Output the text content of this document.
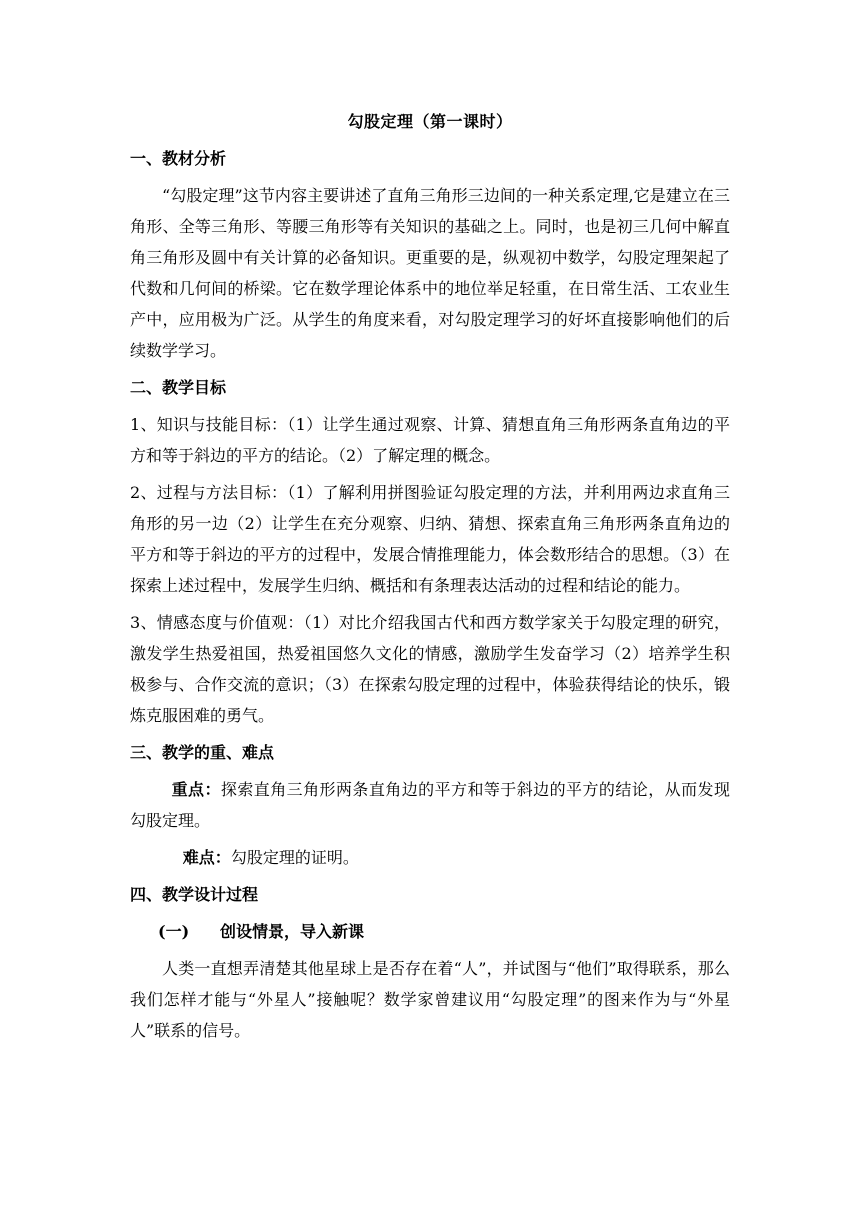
勾股定理（第一课时）

一、教材分析

“勾股定理”这节内容主要讲述了直角三角形三边间的一种关系定理,它是建立在三角形、全等三角形、等腰三角形等有关知识的基础之上。同时，也是初三几何中解直角三角形及圆中有关计算的必备知识。更重要的是，纵观初中数学，勾股定理架起了代数和几何间的桥梁。它在数学理论体系中的地位举足轻重，在日常生活、工农业生产中，应用极为广泛。从学生的角度来看，对勾股定理学习的好坏直接影响他们的后续数学学习。

二、教学目标

1、知识与技能目标：（1）让学生通过观察、计算、猜想直角三角形两条直角边的平方和等于斜边的平方的结论。（2）了解定理的概念。

2、过程与方法目标：（1）了解利用拼图验证勾股定理的方法，并利用两边求直角三角形的另一边（2）让学生在充分观察、归纳、猜想、探索直角三角形两条直角边的平方和等于斜边的平方的过程中，发展合情推理能力，体会数形结合的思想。（3）在探索上述过程中，发展学生归纳、概括和有条理表达活动的过程和结论的能力。

3、情感态度与价值观：（1）对比介绍我国古代和西方数学家关于勾股定理的研究，激发学生热爱祖国，热爱祖国悠久文化的情感，激励学生发奋学习（2）培养学生积极参与、合作交流的意识；（3）在探索勾股定理的过程中，体验获得结论的快乐，锻炼克服困难的勇气。

三、教学的重、难点

重点：探索直角三角形两条直角边的平方和等于斜边的平方的结论，从而发现勾股定理。

难点：勾股定理的证明。

四、教学设计过程

(一) 创设情景，导入新课

人类一直想弄清楚其他星球上是否存在着“人”，并试图与“他们”取得联系，那么我们怎样才能与“外星人”接触呢？数学家曾建议用“勾股定理”的图来作为与“外星人”联系的信号。
